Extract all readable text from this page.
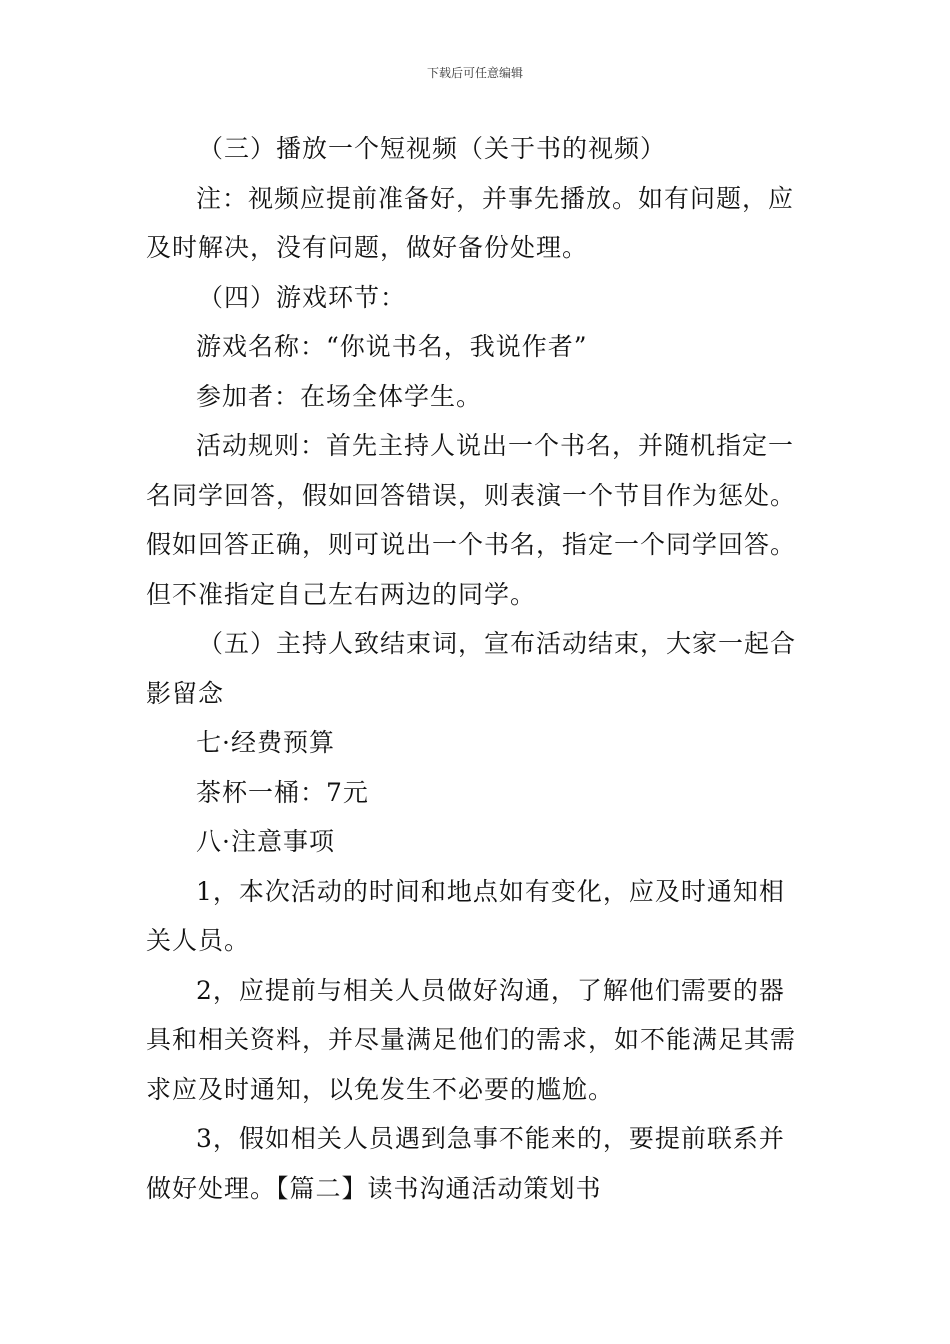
下载后可任意编辑

（三）播放一个短视频（关于书的视频）

注：视频应提前准备好，并事先播放。如有问题，应及时解决，没有问题，做好备份处理。

（四）游戏环节：

游戏名称：“你说书名，我说作者”

参加者：在场全体学生。

活动规则：首先主持人说出一个书名，并随机指定一名同学回答，假如回答错误，则表演一个节目作为惩处。假如回答正确，则可说出一个书名，指定一个同学回答。但不准指定自己左右两边的同学。

（五）主持人致结束词，宣布活动结束，大家一起合影留念

七·经费预算

茶杯一桶：7元

八·注意事项

1，本次活动的时间和地点如有变化，应及时通知相关人员。

2，应提前与相关人员做好沟通，了解他们需要的器具和相关资料，并尽量满足他们的需求，如不能满足其需求应及时通知，以免发生不必要的尴尬。

3，假如相关人员遇到急事不能来的，要提前联系并做好处理。【篇二】读书沟通活动策划书
